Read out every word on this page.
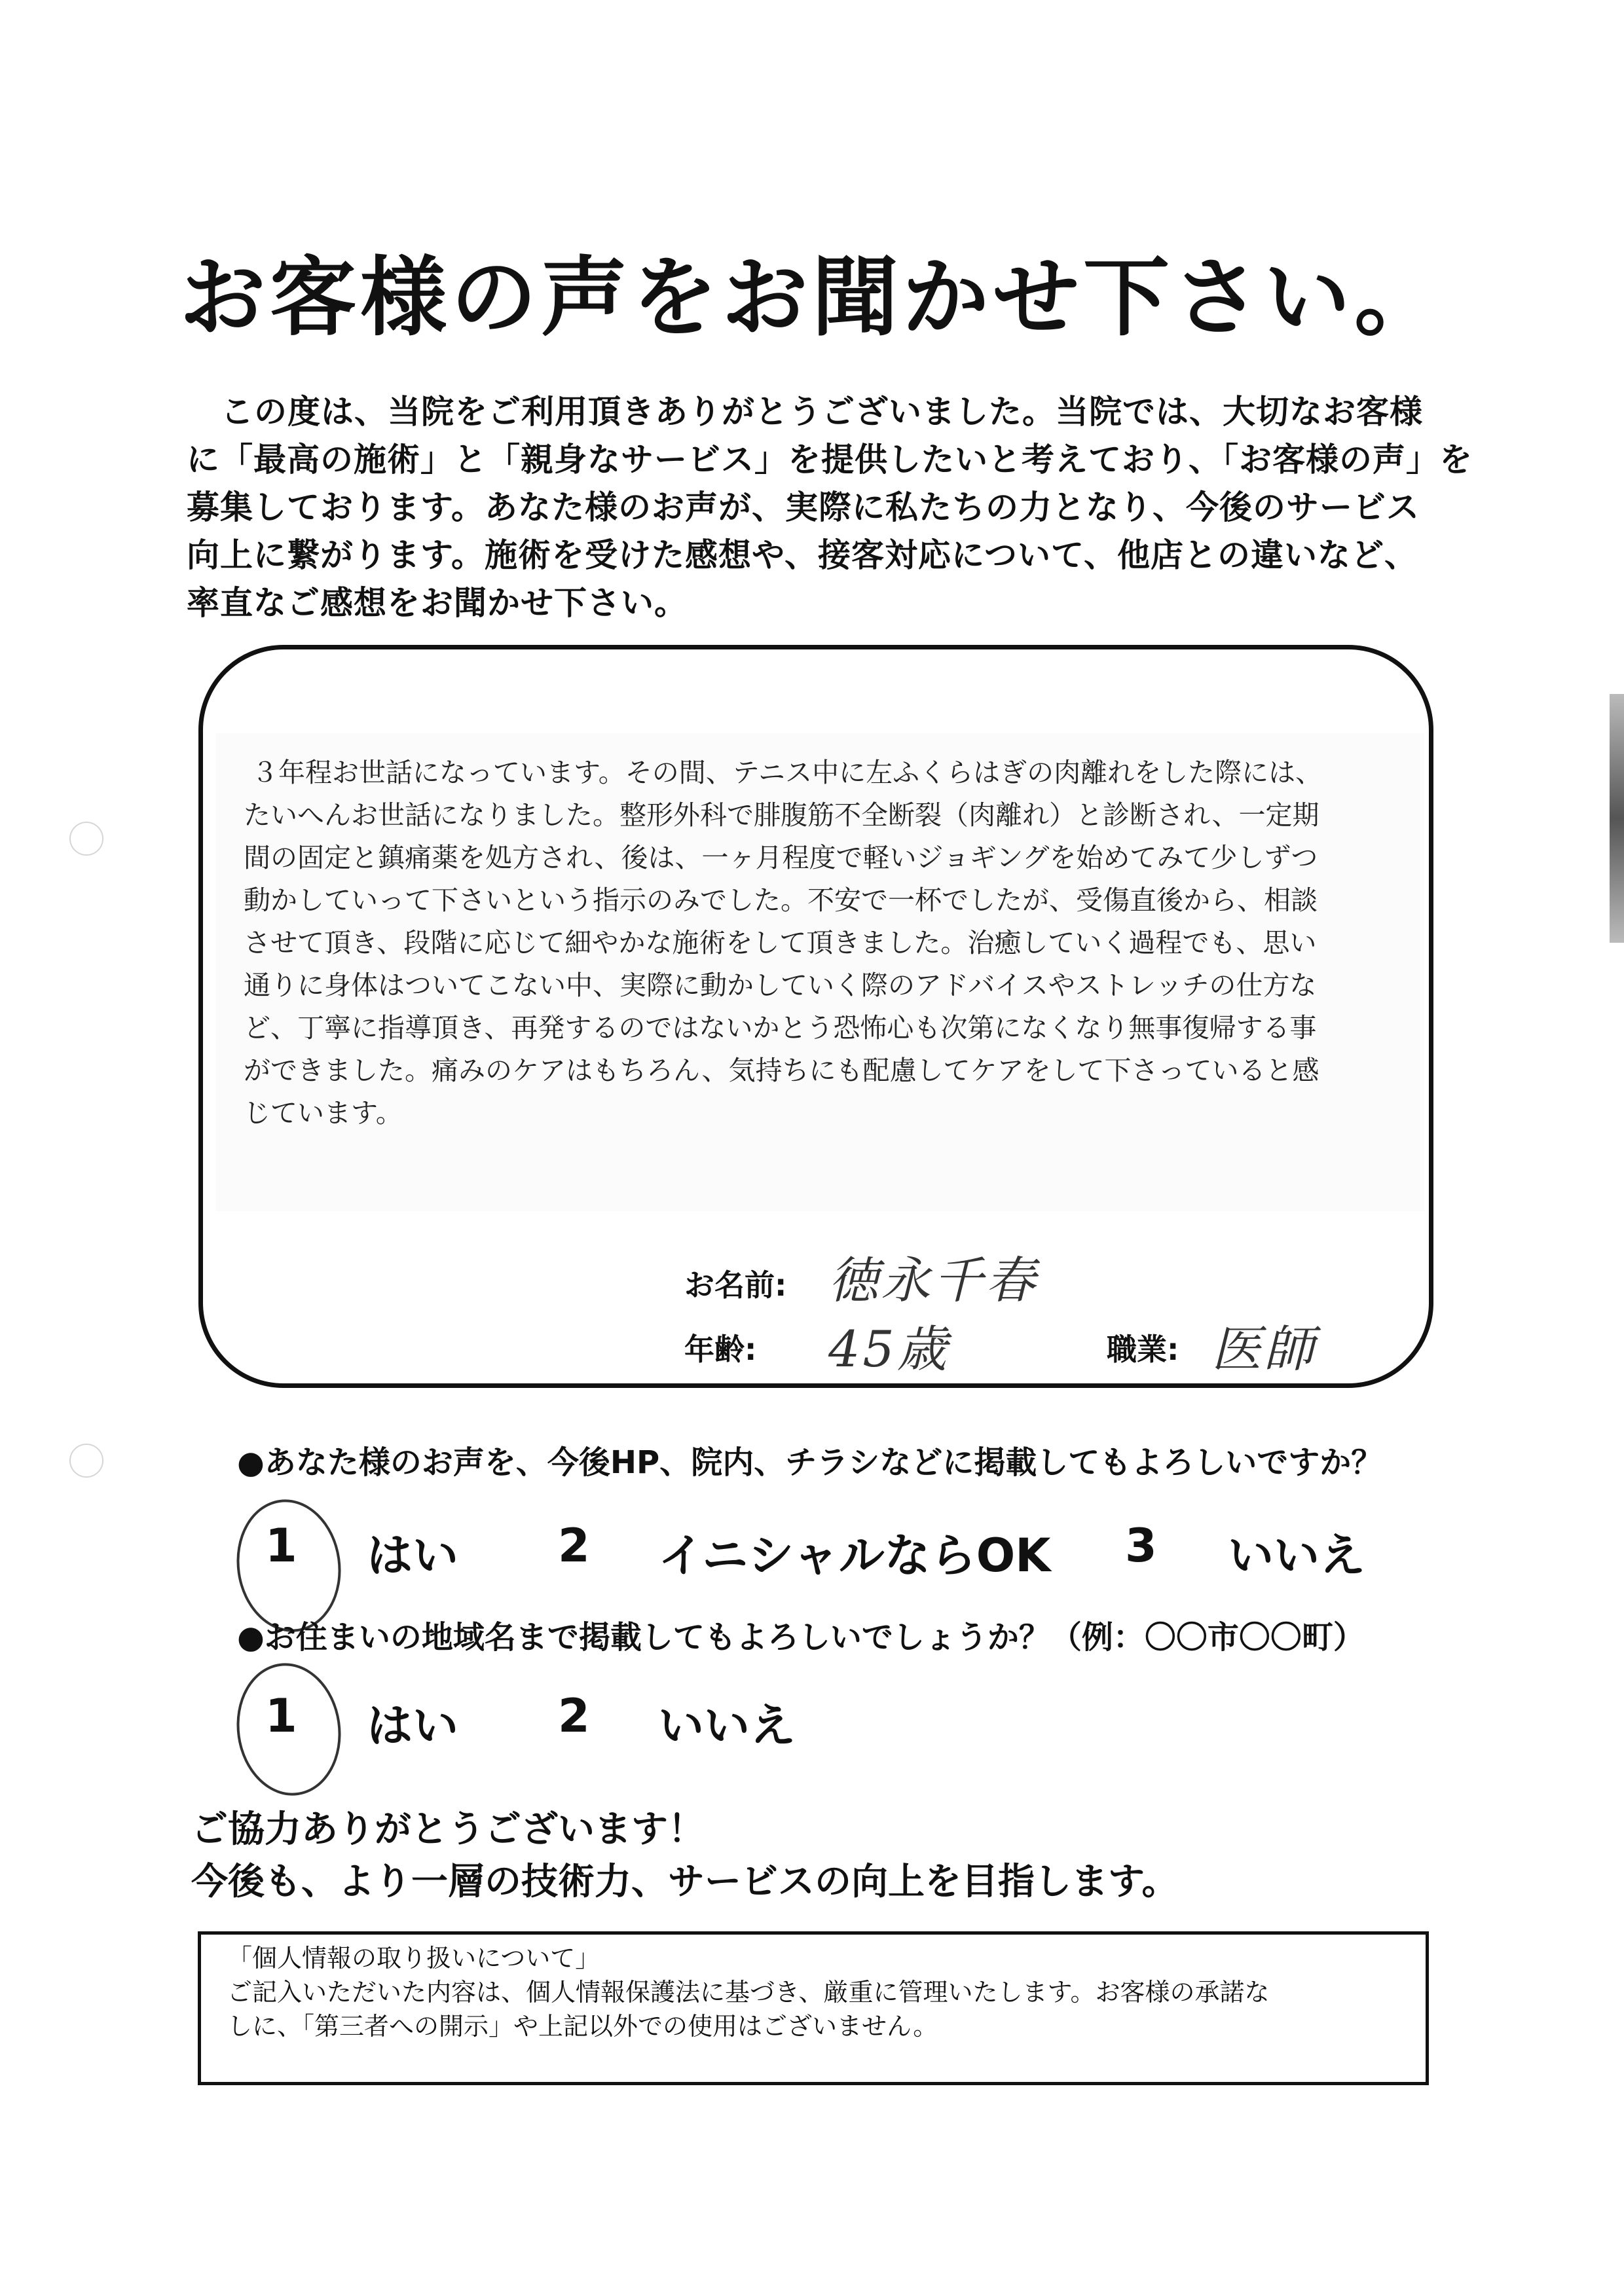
お客様の声をお聞かせ下さい。

この度は、当院をご利用頂きありがとうございました。当院では、大切なお客様

に「最高の施術」と「親身なサービス」を提供したいと考えており、「お客様の声」を

募集しております。あなた様のお声が、実際に私たちの力となり、今後のサービス

向上に繋がります。施術を受けた感想や、接客対応について、他店との違いなど、

率直なご感想をお聞かせ下さい。

３年程お世話になっています。その間、テニス中に左ふくらはぎの肉離れをした際には、

たいへんお世話になりました。整形外科で腓腹筋不全断裂（肉離れ）と診断され、一定期

間の固定と鎮痛薬を処方され、後は、一ヶ月程度で軽いジョギングを始めてみて少しずつ

動かしていって下さいという指示のみでした。不安で一杯でしたが、受傷直後から、相談

させて頂き、段階に応じて細やかな施術をして頂きました。治癒していく過程でも、思い

通りに身体はついてこない中、実際に動かしていく際のアドバイスやストレッチの仕方な

ど、丁寧に指導頂き、再発するのではないかとう恐怖心も次第になくなり無事復帰する事

ができました。痛みのケアはもちろん、気持ちにも配慮してケアをして下さっていると感

じています。

お名前: 徳永千春
年齢: 45歳	職業: 医師
●あなた様のお声を、今後HP、院内、チラシなどに掲載してもよろしいですか？
1 はい 2 イニシャルならOK 3 いいえ
●お住まいの地域名まで掲載してもよろしいでしょうか？（例：〇〇市〇〇町）
1 はい 2 いいえ
ご協力ありがとうございます！
今後も、より一層の技術力、サービスの向上を目指します。

「個人情報の取り扱いについて」

ご記入いただいた内容は、個人情報保護法に基づき、厳重に管理いたします。お客様の承諾な

しに、「第三者への開示」や上記以外での使用はございません。
